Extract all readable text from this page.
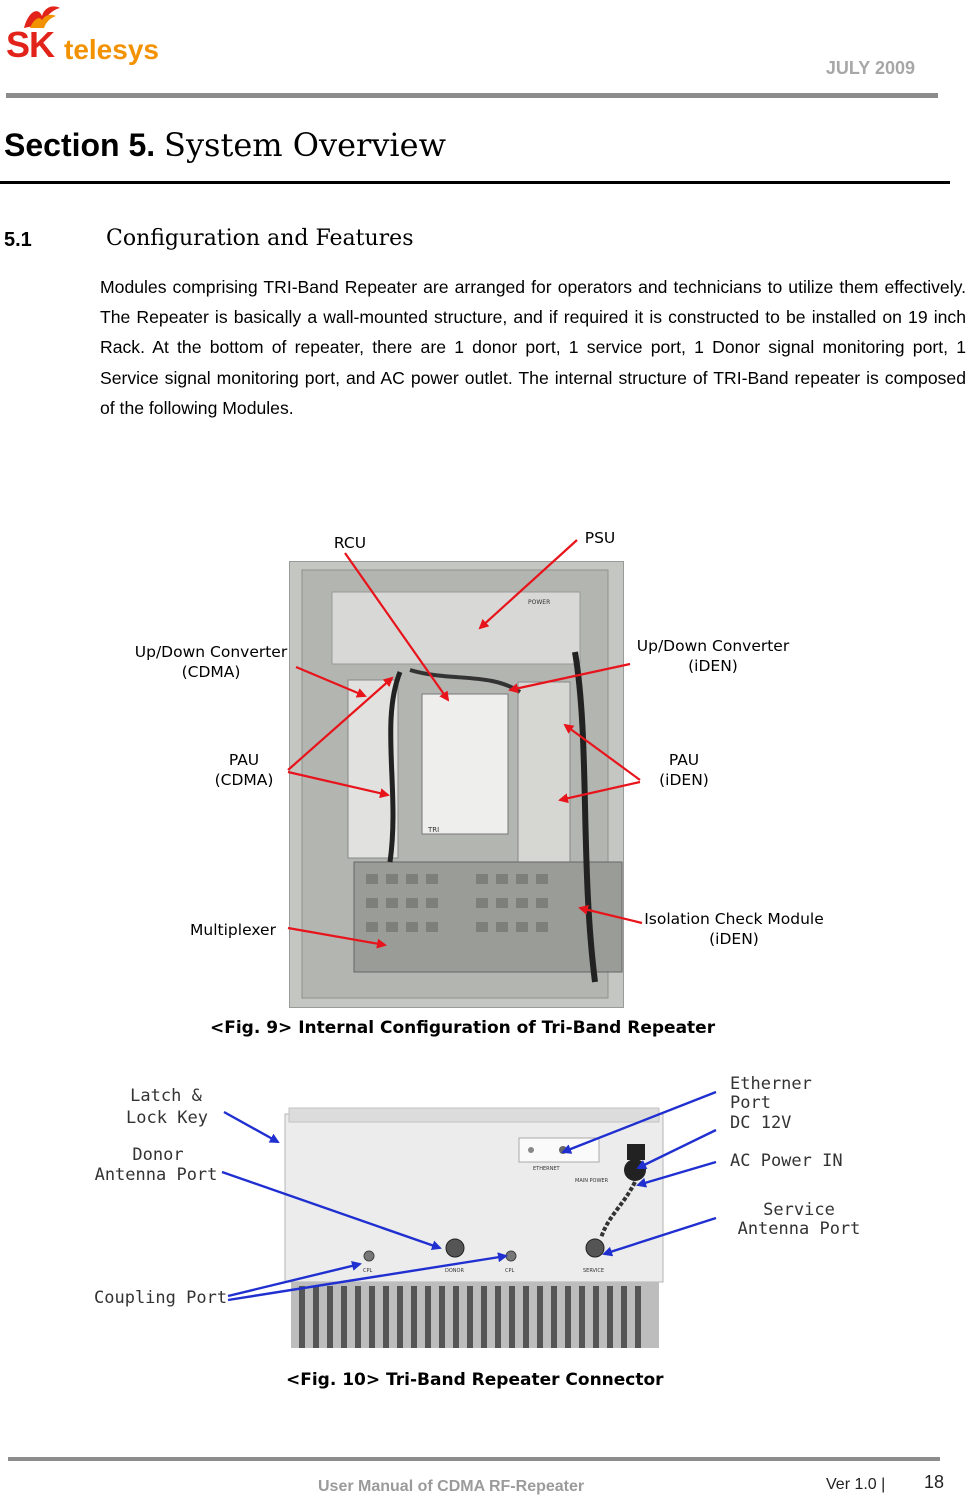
SK telesys
JULY 2009
Section 5. System Overview
5.1	Configuration and Features
Modules comprising TRI-Band Repeater are arranged for operators and technicians to utilize them effectively. The Repeater is basically a wall-mounted structure, and if required it is constructed to be installed on 19 inch Rack. At the bottom of repeater, there are 1 donor port, 1 service port, 1 Donor signal monitoring port, 1 Service signal monitoring port, and AC power outlet. The internal structure of TRI-Band repeater is composed of the following Modules.
TRI
POWER
RCU	PSU
Up/Down Converter
(CDMA)
Up/Down Converter
(iDEN)
PAU
(CDMA)
PAU
(iDEN)
Multiplexer
Isolation Check Module
(iDEN)
<Fig. 9> Internal Configuration of Tri-Band Repeater
ETHERNET
MAIN POWER
CPL	DONOR	CPL	SERVICE
Latch &
Lock Key
Donor
Antenna Port
Coupling Port
Etherner Port
DC 12V
AC Power IN
Service
Antenna Port
<Fig. 10> Tri-Band Repeater Connector
User Manual of CDMA RF-Repeater	Ver 1.0 | 18
